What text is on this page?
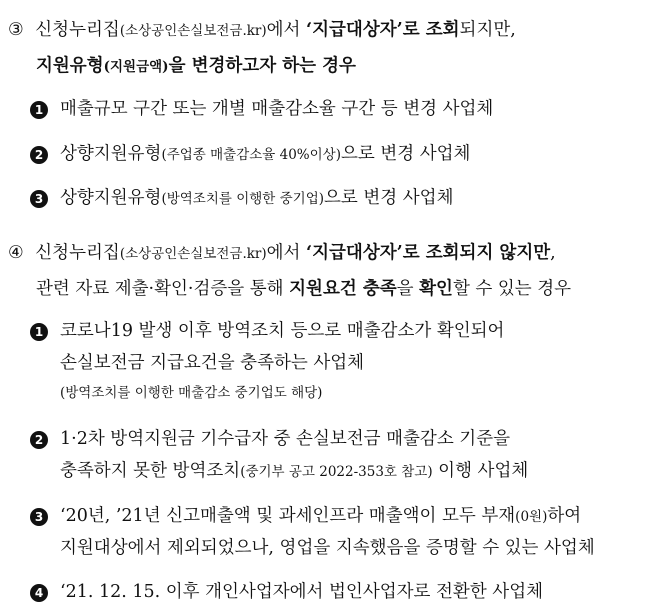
③ 신청누리집(소상공인손실보전금.kr)에서 ‘지급대상자’로 조회되지만,
지원유형(지원금액)을 변경하고자 하는 경우
1 매출규모 구간 또는 개별 매출감소율 구간 등 변경 사업체
2 상향지원유형(주업종 매출감소율 40%이상)으로 변경 사업체
3 상향지원유형(방역조치를 이행한 중기업)으로 변경 사업체
④ 신청누리집(소상공인손실보전금.kr)에서 ‘지급대상자’로 조회되지 않지만,
관련 자료 제출·확인·검증을 통해 지원요건 충족을 확인할 수 있는 경우
1 코로나19 발생 이후 방역조치 등으로 매출감소가 확인되어
손실보전금 지급요건을 충족하는 사업체
(방역조치를 이행한 매출감소 중기업도 해당)
2 1·2차 방역지원금 기수급자 중 손실보전금 매출감소 기준을
충족하지 못한 방역조치(중기부 공고 2022-353호 참고) 이행 사업체
3 ‘20년, ’21년 신고매출액 및 과세인프라 매출액이 모두 부재(0원)하여
지원대상에서 제외되었으나, 영업을 지속했음을 증명할 수 있는 사업체
4 ‘21. 12. 15. 이후 개인사업자에서 법인사업자로 전환한 사업체
